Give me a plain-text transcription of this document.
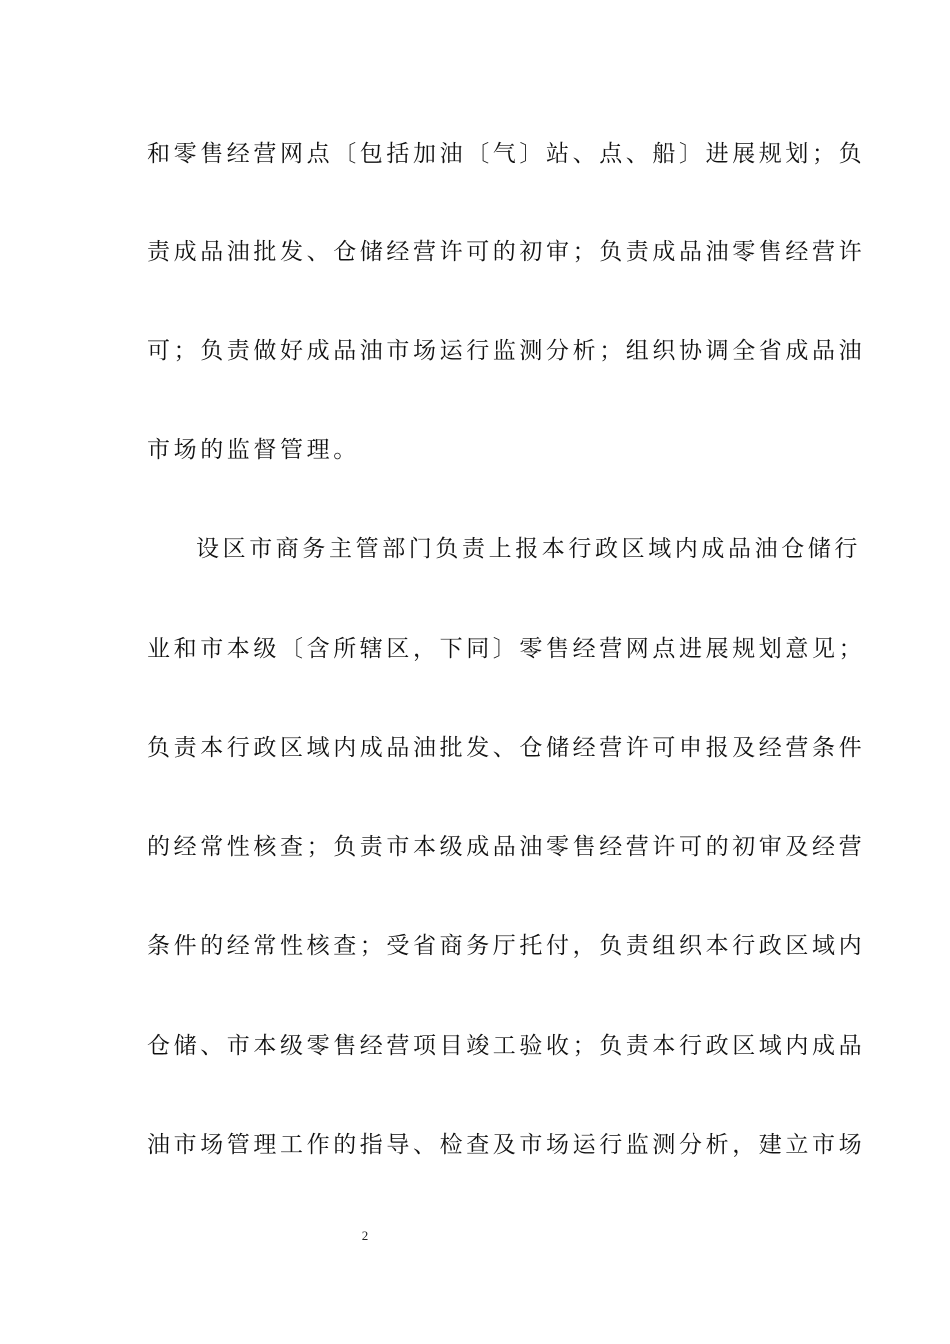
和零售经营网点〔包括加油〔气〕站、点、船〕进展规划；负
责成品油批发、仓储经营许可的初审；负责成品油零售经营许
可；负责做好成品油市场运行监测分析；组织协调全省成品油
市场的监督管理。
设区市商务主管部门负责上报本行政区域内成品油仓储行
业和市本级〔含所辖区，下同〕零售经营网点进展规划意见；
负责本行政区域内成品油批发、仓储经营许可申报及经营条件
的经常性核查；负责市本级成品油零售经营许可的初审及经营
条件的经常性核查；受省商务厅托付，负责组织本行政区域内
仓储、市本级零售经营项目竣工验收；负责本行政区域内成品
油市场管理工作的指导、检查及市场运行监测分析，建立市场
2
